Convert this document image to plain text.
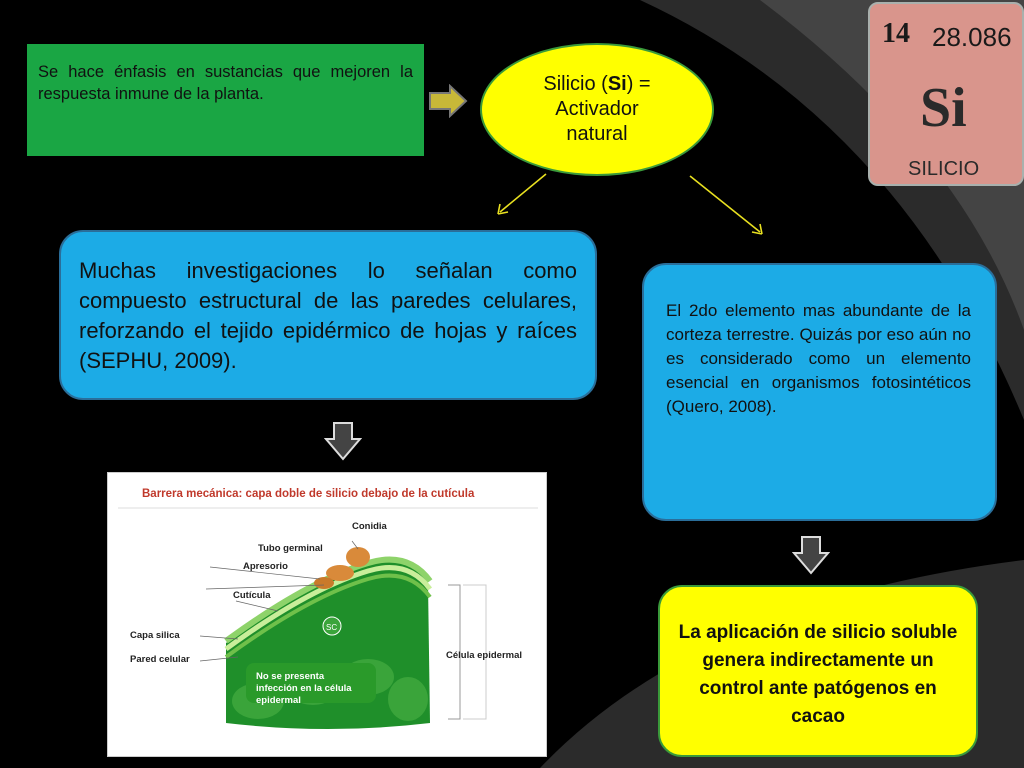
Se hace énfasis en sustancias que mejoren la respuesta inmune de la planta.	Silicio (Si) =
Activador
natural
14 28.086
Si
SILICIO
Muchas investigaciones lo señalan como compuesto estructural de las paredes celulares, reforzando el tejido epidérmico de hojas y raíces (SEPHU, 2009).
El 2do elemento mas abundante de la corteza terrestre. Quizás por eso aún no es considerado como un elemento esencial en organismos fotosintéticos (Quero, 2008).
La aplicación de silicio soluble genera indirectamente un control ante patógenos en cacao
Barrera mecánica: capa doble de silicio debajo de la cutícula
SC
Conidia
Tubo germinal
Apresorio
Cutícula
Capa silica
Pared celular	Célula epidermal
No se presenta infección en la célula epidermal
